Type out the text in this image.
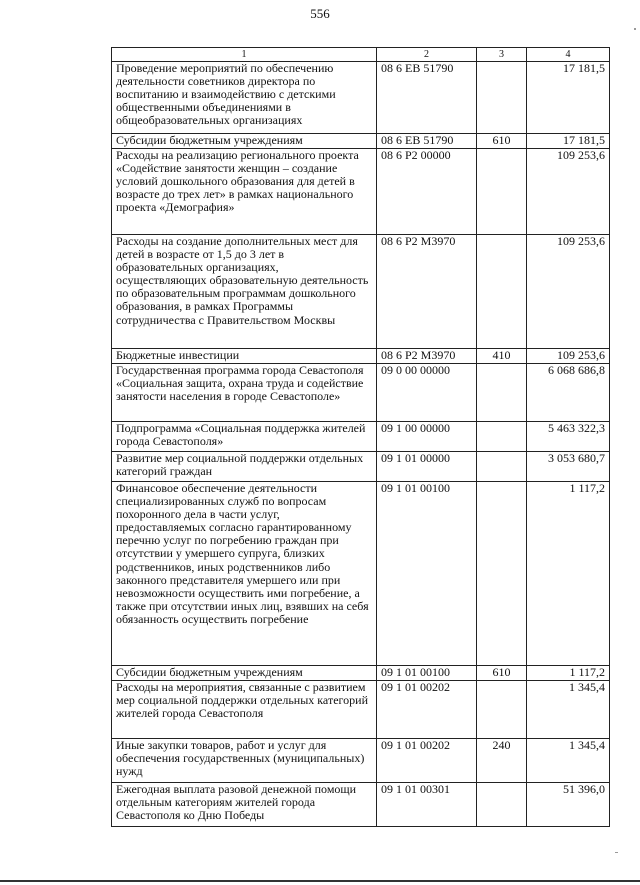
556
1	2	3	4
Проведение мероприятий по обеспечению деятельности советников директора по воспитанию и взаимодействию с детскими общественными объединениями в общеобразовательных организациях	08 6 ЕВ 51790		17 181,5
Субсидии бюджетным учреждениям	08 6 ЕВ 51790	610	17 181,5
Расходы на реализацию регионального проекта «Содействие занятости женщин – создание условий дошкольного образования для детей в возрасте до трех лет» в рамках национального проекта «Демография»	08 6 Р2 00000		109 253,6
Расходы на создание дополнительных мест для детей в возрасте от 1,5 до 3 лет в образовательных организациях, осуществляющих образовательную деятельность по образовательным программам дошкольного образования, в рамках Программы сотрудничества с Правительством Москвы	08 6 Р2 М3970		109 253,6
Бюджетные инвестиции	08 6 Р2 М3970	410	109 253,6
Государственная программа города Севастополя «Социальная защита, охрана труда и содействие занятости населения в городе Севастополе»	09 0 00 00000		6 068 686,8
Подпрограмма «Социальная поддержка жителей города Севастополя»	09 1 00 00000		5 463 322,3
Развитие мер социальной поддержки отдельных категорий граждан	09 1 01 00000		3 053 680,7
Финансовое обеспечение деятельности специализированных служб по вопросам похоронного дела в части услуг, предоставляемых согласно гарантированному перечню услуг по погребению граждан при отсутствии у умершего супруга, близких родственников, иных родственников либо законного представителя умершего или при невозможности осуществить ими погребение, а также при отсутствии иных лиц, взявших на себя обязанность осуществить погребение	09 1 01 00100		1 117,2
Субсидии бюджетным учреждениям	09 1 01 00100	610	1 117,2
Расходы на мероприятия, связанные с развитием мер социальной поддержки отдельных категорий жителей города Севастополя	09 1 01 00202		1 345,4
Иные закупки товаров, работ и услуг для обеспечения государственных (муниципальных) нужд	09 1 01 00202	240	1 345,4
Ежегодная выплата разовой денежной помощи отдельным категориям жителей города Севастополя ко Дню Победы	09 1 01 00301		51 396,0
